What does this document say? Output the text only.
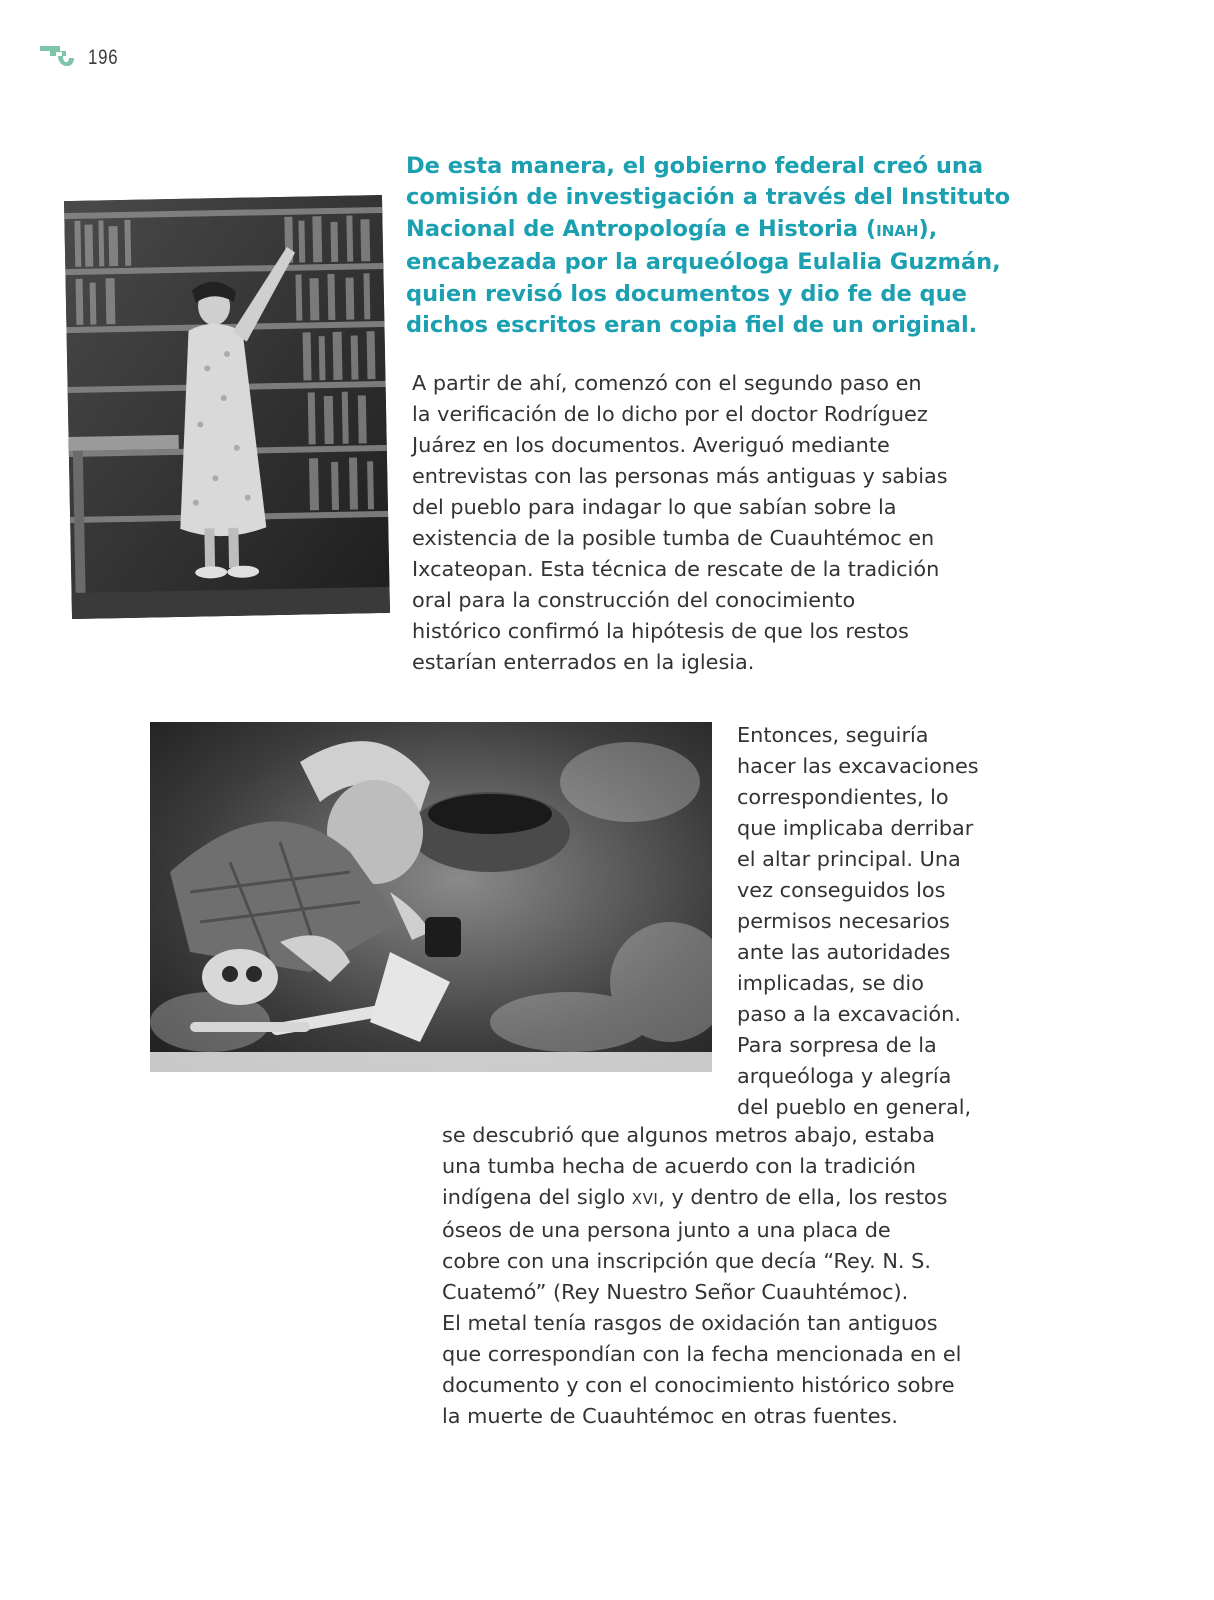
196
De esta manera, el gobierno federal creó una
comisión de investigación a través del Instituto
Nacional de Antropología e Historia (INAH),
encabezada por la arqueóloga Eulalia Guzmán,
quien revisó los documentos y dio fe de que
dichos escritos eran copia fiel de un original.
A partir de ahí, comenzó con el segundo paso en
la verificación de lo dicho por el doctor Rodríguez
Juárez en los documentos. Averiguó mediante
entrevistas con las personas más antiguas y sabias
del pueblo para indagar lo que sabían sobre la
existencia de la posible tumba de Cuauhtémoc en
Ixcateopan. Esta técnica de rescate de la tradición
oral para la construcción del conocimiento
histórico confirmó la hipótesis de que los restos
estarían enterrados en la iglesia.
Entonces, seguiría
hacer las excavaciones
correspondientes, lo
que implicaba derribar
el altar principal. Una
vez conseguidos los
permisos necesarios
ante las autoridades
implicadas, se dio
paso a la excavación.
Para sorpresa de la
arqueóloga y alegría
del pueblo en general,
se descubrió que algunos metros abajo, estaba
una tumba hecha de acuerdo con la tradición
indígena del siglo XVI, y dentro de ella, los restos
óseos de una persona junto a una placa de
cobre con una inscripción que decía “Rey. N. S.
Cuatemó” (Rey Nuestro Señor Cuauhtémoc).
El metal tenía rasgos de oxidación tan antiguos
que correspondían con la fecha mencionada en el
documento y con el conocimiento histórico sobre
la muerte de Cuauhtémoc en otras fuentes.
